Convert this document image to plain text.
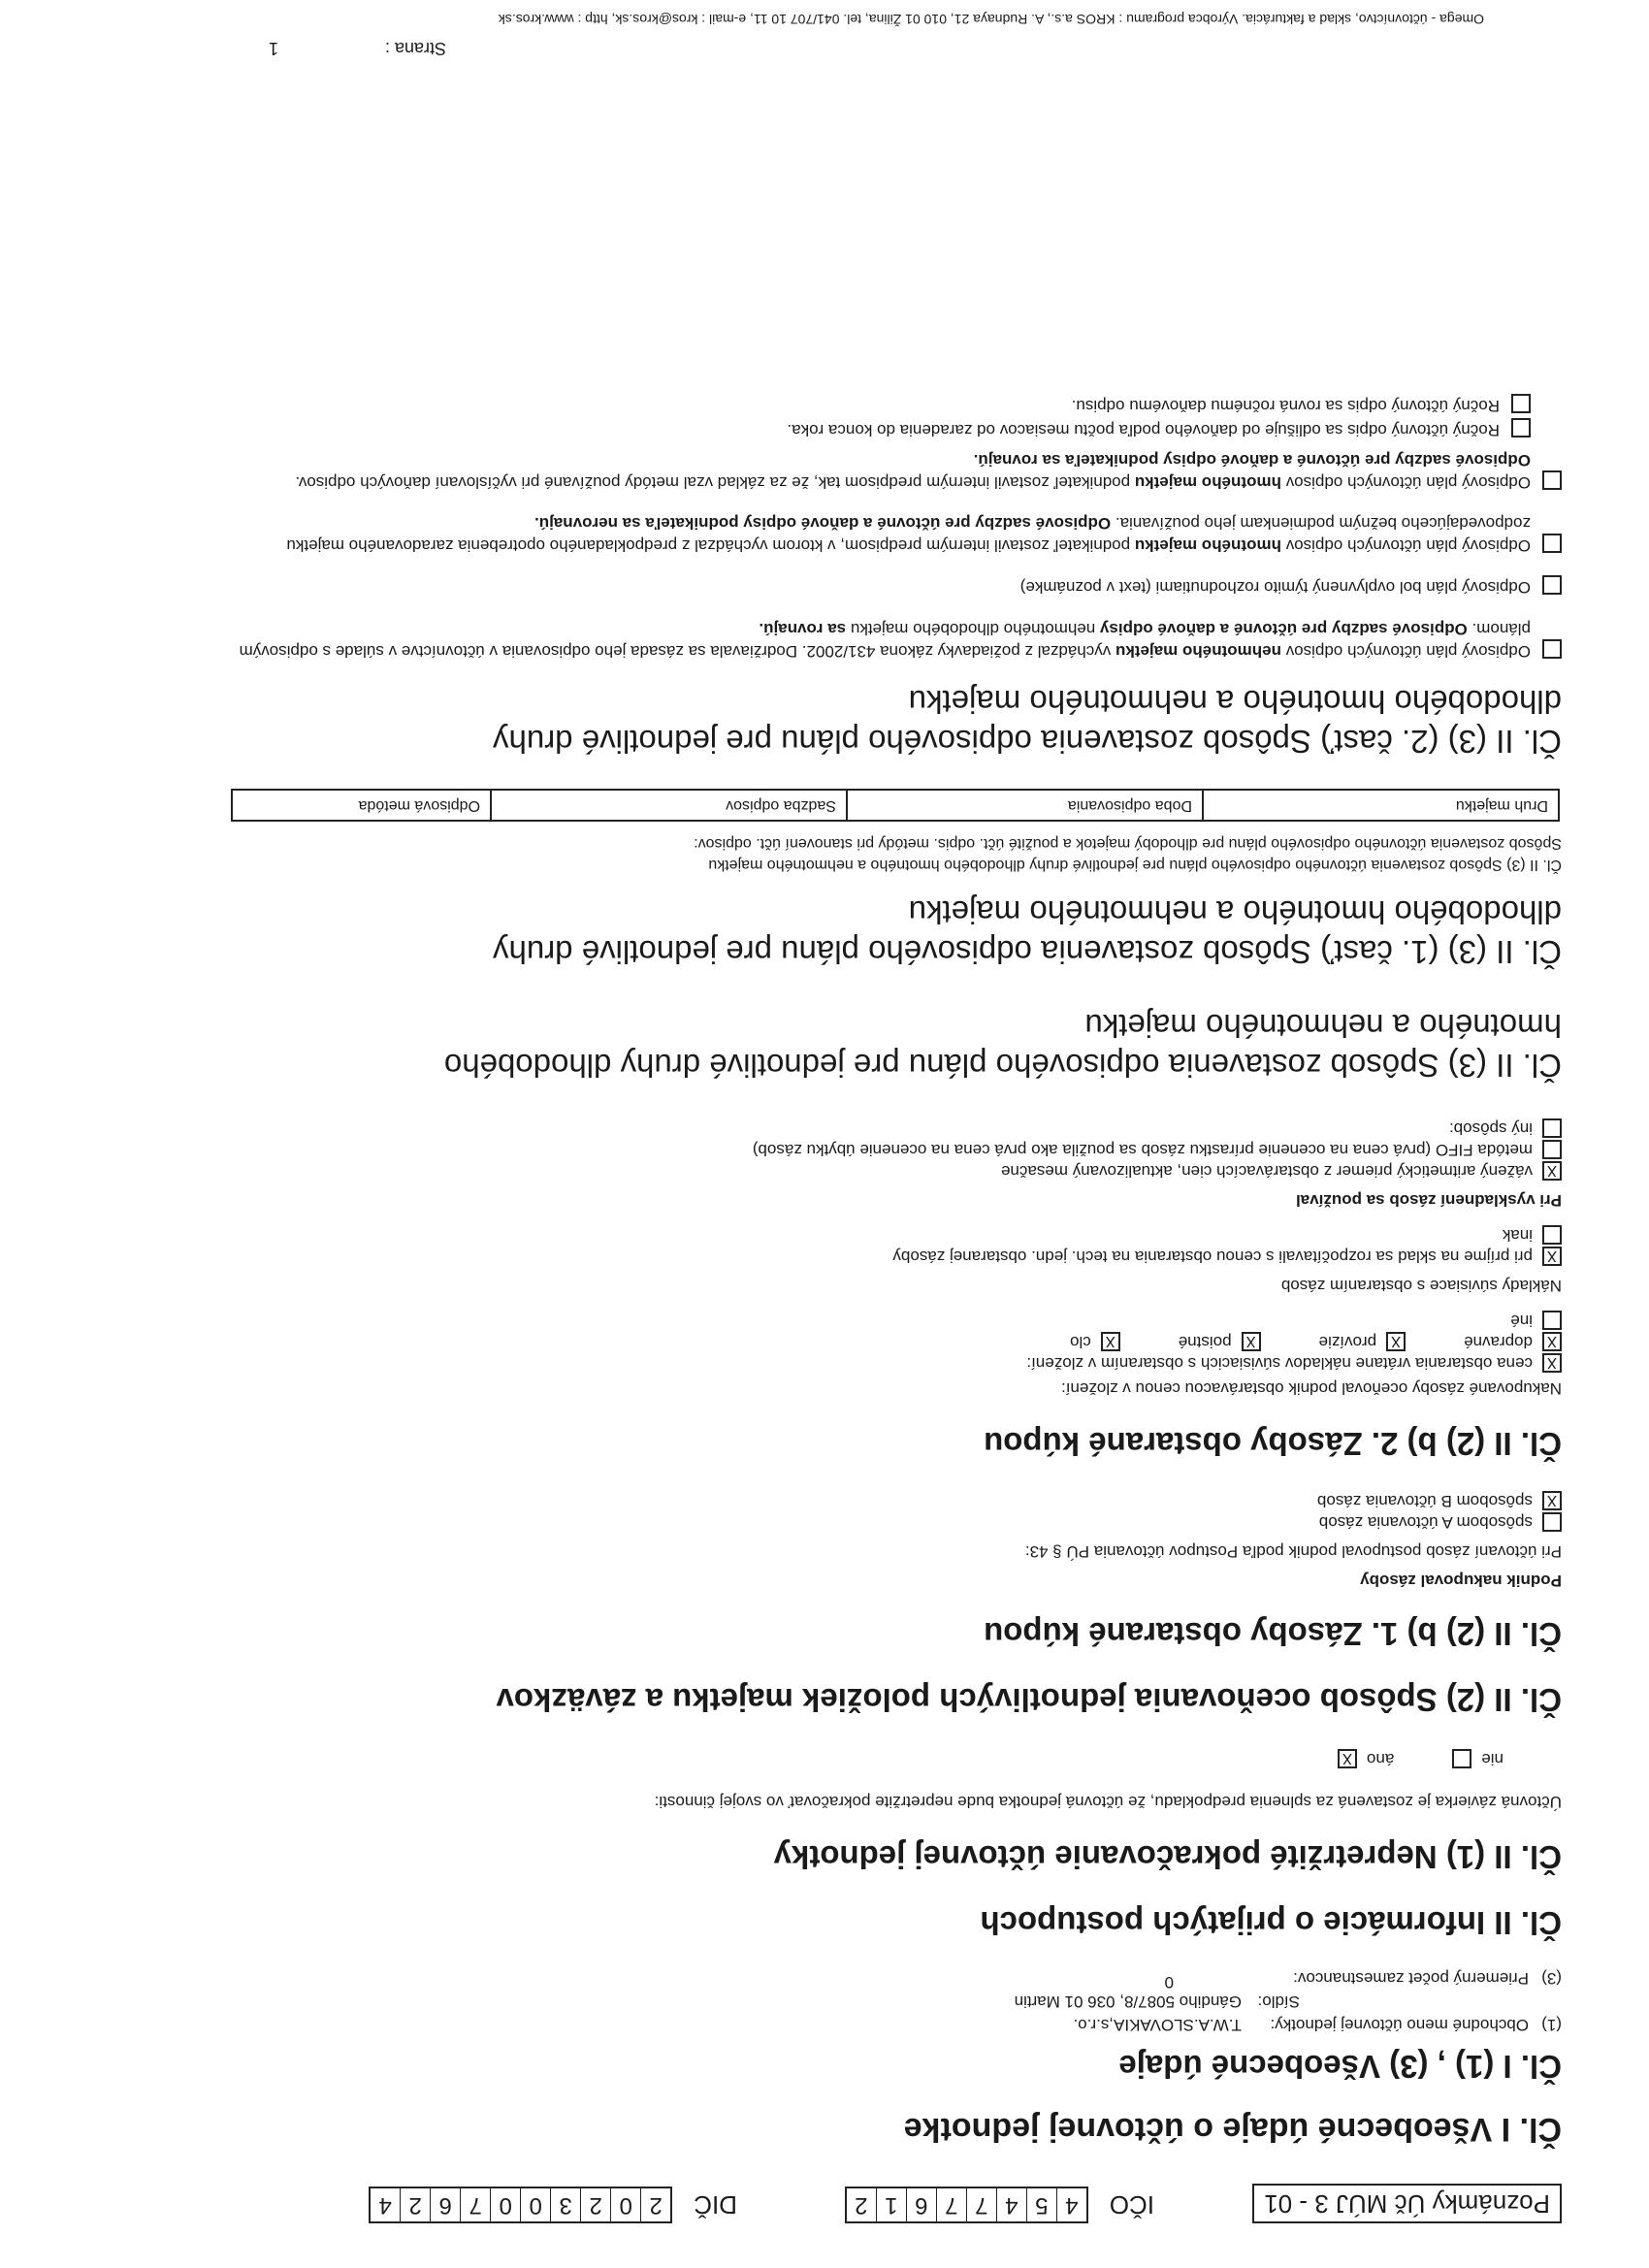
Poznámky Úč MÚJ 3 - 01
IČO
4
5
4
7
7
6
1
2
DIČ
2
0
2
3
0
0
7
6
2
4
Čl. I Všeobecné údaje o účtovnej jednotke
Čl. I (1) , (3) Všeobecné údaje
(1)
Obchodné meno účtovnej jednotky:
T.W.A.SLOVAKIA,s.r.o.
Sídlo:
Gándiho 5087/8, 036 01 Martin
(3)
Priemerný počet zamestnancov:
0
Čl. II Informácie o prijatých postupoch
Čl. II (1) Nepretržité pokračovanie účtovnej jednotky
Účtovná závierka je zostavená za splnenia predpokladu, že účtovná jednotka bude nepretržite pokračovať vo svojej činnosti:
nie
áno
X
Čl. II (2) Spôsob oceňovania jednotlivých položiek majetku a záväzkov
Čl. II (2) b) 1. Zásoby obstarané kúpou
Podnik nakupoval zásoby
Pri účtovaní zásob postupoval podnik podľa Postupov účtovania PÚ § 43:
spôsobom A účtovania zásob
X
spôsobom B účtovania zásob
Čl. II (2) b) 2. Zásoby obstarané kúpou
Nakupované zásoby oceňoval podnik obstarávacou cenou v zložení:
X
cena obstarania vrátane nákladov súvisiacich s obstaraním v zložení:
X
dopravné
X
provízie
X
poistné
X
clo
iné
Náklady súvisiace s obstaraním zásob
X
pri príjme na sklad sa rozpočítavali s cenou obstarania na tech. jedn. obstaranej zásoby
inak
Pri vyskladnení zásob sa používal
X
vážený aritmetický priemer z obstarávacích cien, aktualizovaný mesačne
metóda FIFO (prvá cena na ocenenie prírastku zásob sa použila ako prvá cena na ocenenie úbytku zásob)
iný spôsob:
Čl. II (3) Spôsob zostavenia odpisového plánu pre jednotlivé druhy dlhodobého
hmotného a nehmotného majetku
Čl. II (3) (1. časť) Spôsob zostavenia odpisového plánu pre jednotlivé druhy
dlhodobého hmotného a nehmotného majetku
Čl. II (3) Spôsob zostavenia účtovného odpisového plánu pre jednotlivé druhy dlhodobého hmotného a nehmotného majetku
Spôsob zostavenia účtovného odpisového plánu pre dlhodobý majetok a použité účt. odpis. metódy pri stanovení účt. odpisov:
Druh majetku	Doba odpisovania	Sadzba odpisov	Odpisová metóda
Čl. II (3) (2. časť) Spôsob zostavenia odpisového plánu pre jednotlivé druhy
dlhodobého hmotného a nehmotného majetku
Odpisový plán účtovných odpisov nehmotného majetku vychádzal z požiadavky zákona 431/2002. Dodržiavala sa zásada jeho odpisovania v účtovníctve v súlade s odpisovým plánom. Odpisové sadzby pre účtovné a daňové odpisy nehmotného dlhodobého majetku sa rovnajú.
Odpisový plán bol ovplyvnený týmito rozhodnutiami (text v poznámke)
Odpisový plán účtovných odpisov hmotného majetku podnikateľ zostavil interným predpisom, v ktorom vychádzal z predpokladaného opotrebenia zaradovaného majetku zodpovedajúceho bežným podmienkam jeho používania. Odpisové sadzby pre účtovné a daňové odpisy podnikateľa sa nerovnajú.
Odpisový plán účtovných odpisov hmotného majetku podnikateľ zostavil interným predpisom tak, že za základ vzal metódy používané pri vyčíslovaní daňových odpisov. Odpisové sadzby pre účtovné a daňové odpisy podnikateľa sa rovnajú.
Ročný účtovný odpis sa odlišuje od daňového podľa počtu mesiacov od zaradenia do konca roka.
Ročný účtovný odpis sa rovná ročnému daňovému odpisu.
Strana :
1
Omega - účtovníctvo, sklad a fakturácia. Výrobca programu : KROS a.s., A. Rudnaya 21, 010 01 Žilina, tel. 041/707 10 11, e-mail : kros@kros.sk, http : www.kros.sk
